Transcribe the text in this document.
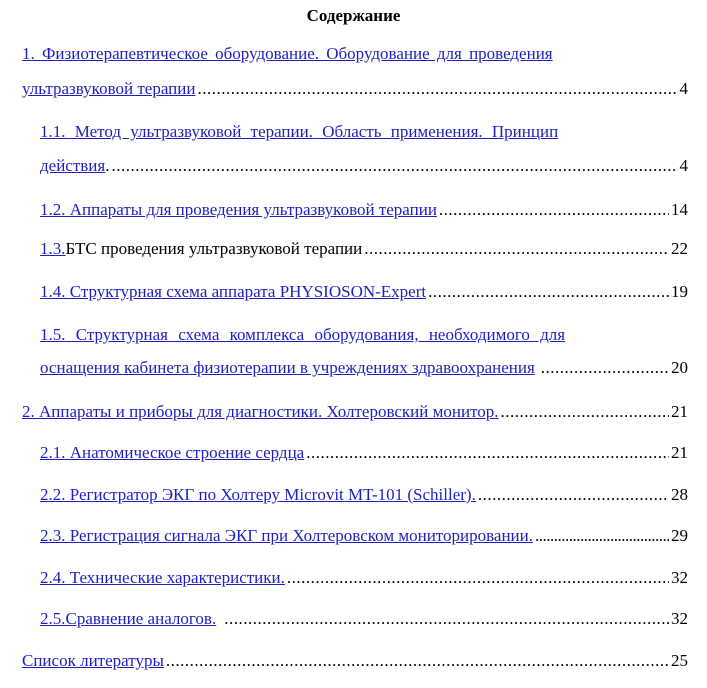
Содержание
1. Физиотерапевтическое оборудование. Оборудование для проведения
ультразвуковой терапии .....	4
1.1. Метод ультразвуковой терапии. Область применения. Принцип
действия . .....	4
1.2. Аппараты для проведения ультразвуковой терапии .....	14
1.3. БТС проведения ультразвуковой терапии .....	22
1.4. Структурная схема аппарата PHYSIOSON-Expert .....	19
1.5. Структурная схема комплекса оборудования, необходимого для
оснащения кабинета физиотерапии в учреждениях здравоохранения .....	20
2. Аппараты и приборы для диагностики. Холтеровский монитор. .....	21
2.1. Анатомическое строение сердца .....	21
2.2. Регистратор ЭКГ по Холтеру Microvit MT-101 (Schiller). .....	28
2.3. Регистрация сигнала ЭКГ при Холтеровском мониторировании. .....	29
2.4. Технические характеристики. .....	32
2.5.Сравнение аналогов. .....	32
Список литературы .....	25
